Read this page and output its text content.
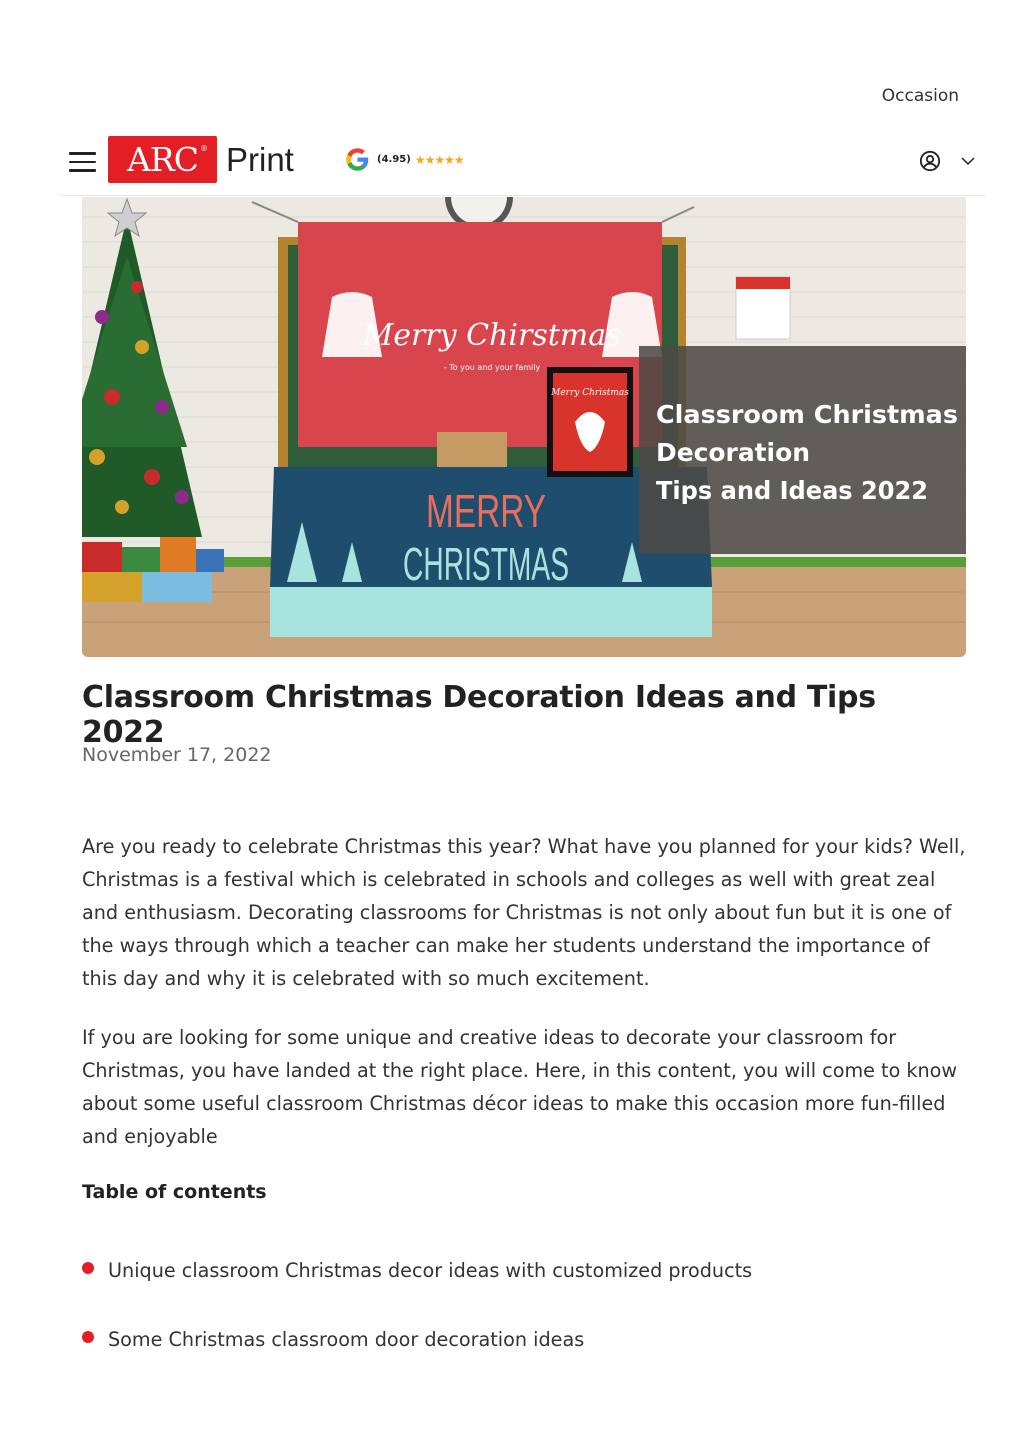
Occasion
ARC ® Print	(4.95) ★★★★★
Merry Chirstmas
- To you and your family
MERRY
CHRISTMAS
Merry Christmas
Classroom Christmas
Decoration
Tips and Ideas 2022
Classroom Christmas Decoration Ideas and Tips 2022
November 17, 2022

Are you ready to celebrate Christmas this year? What have you planned for your kids? Well, Christmas is a festival which is celebrated in schools and colleges as well with great zeal and enthusiasm. Decorating classrooms for Christmas is not only about fun but it is one of the ways through which a teacher can make her students understand the importance of this day and why it is celebrated with so much excitement.

If you are looking for some unique and creative ideas to decorate your classroom for Christmas, you have landed at the right place. Here, in this content, you will come to know about some useful classroom Christmas décor ideas to make this occasion more fun-filled and enjoyable

Table of contents
Unique classroom Christmas decor ideas with customized products
Some Christmas classroom door decoration ideas
